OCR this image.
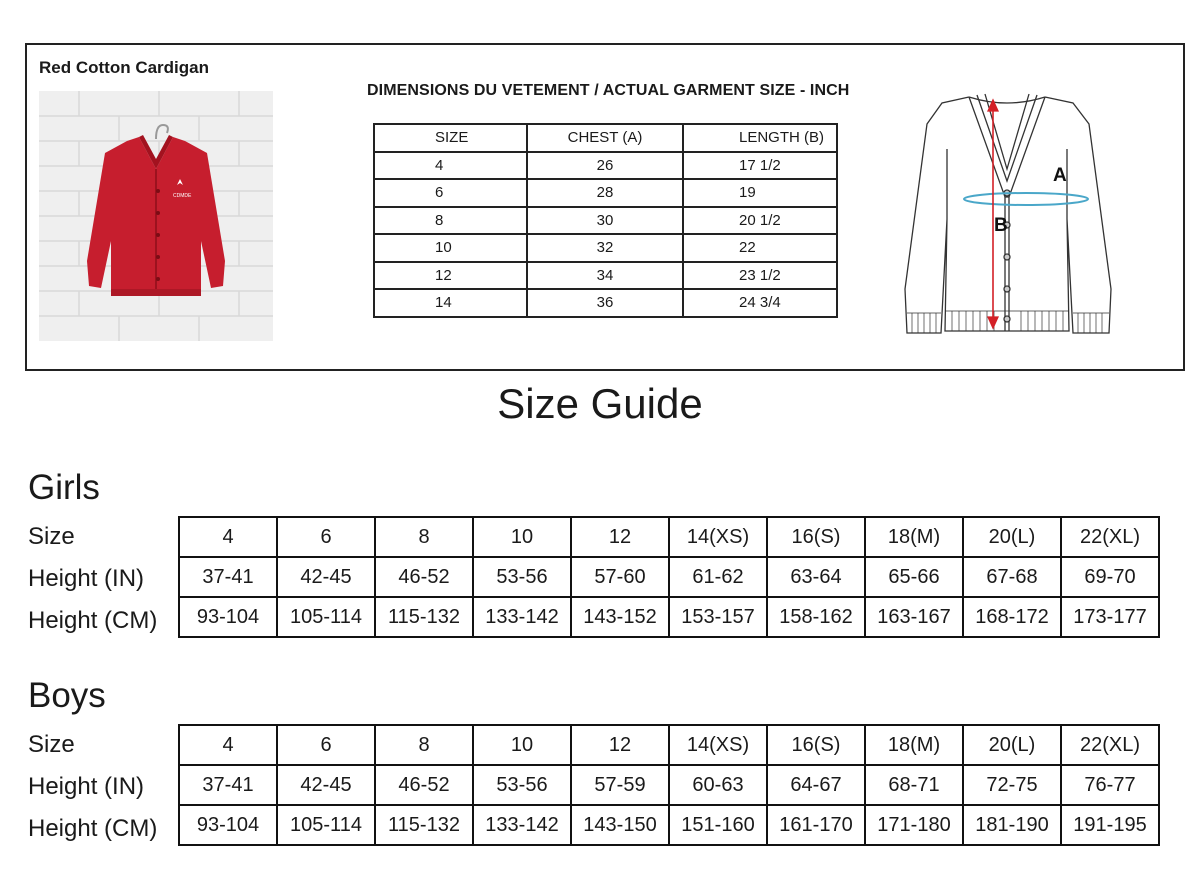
Red Cotton Cardigan
CDMDE
DIMENSIONS DU VETEMENT / ACTUAL GARMENT SIZE - INCH
SIZE	CHEST (A)	LENGTH (B)
4	26	17 1/2
6	28	19
8	30	20 1/2
10	32	22
12	34	23 1/2
14	36	24 3/4
A
B
Size Guide
Girls
Size
Height (IN)
Height (CM)
4	6	8	10	12	14(XS)	16(S)	18(M)	20(L)	22(XL)
37-41	42-45	46-52	53-56	57-60	61-62	63-64	65-66	67-68	69-70
93-104	105-114	115-132	133-142	143-152	153-157	158-162	163-167	168-172	173-177
Boys
Size
Height (IN)
Height (CM)
4	6	8	10	12	14(XS)	16(S)	18(M)	20(L)	22(XL)
37-41	42-45	46-52	53-56	57-59	60-63	64-67	68-71	72-75	76-77
93-104	105-114	115-132	133-142	143-150	151-160	161-170	171-180	181-190	191-195
